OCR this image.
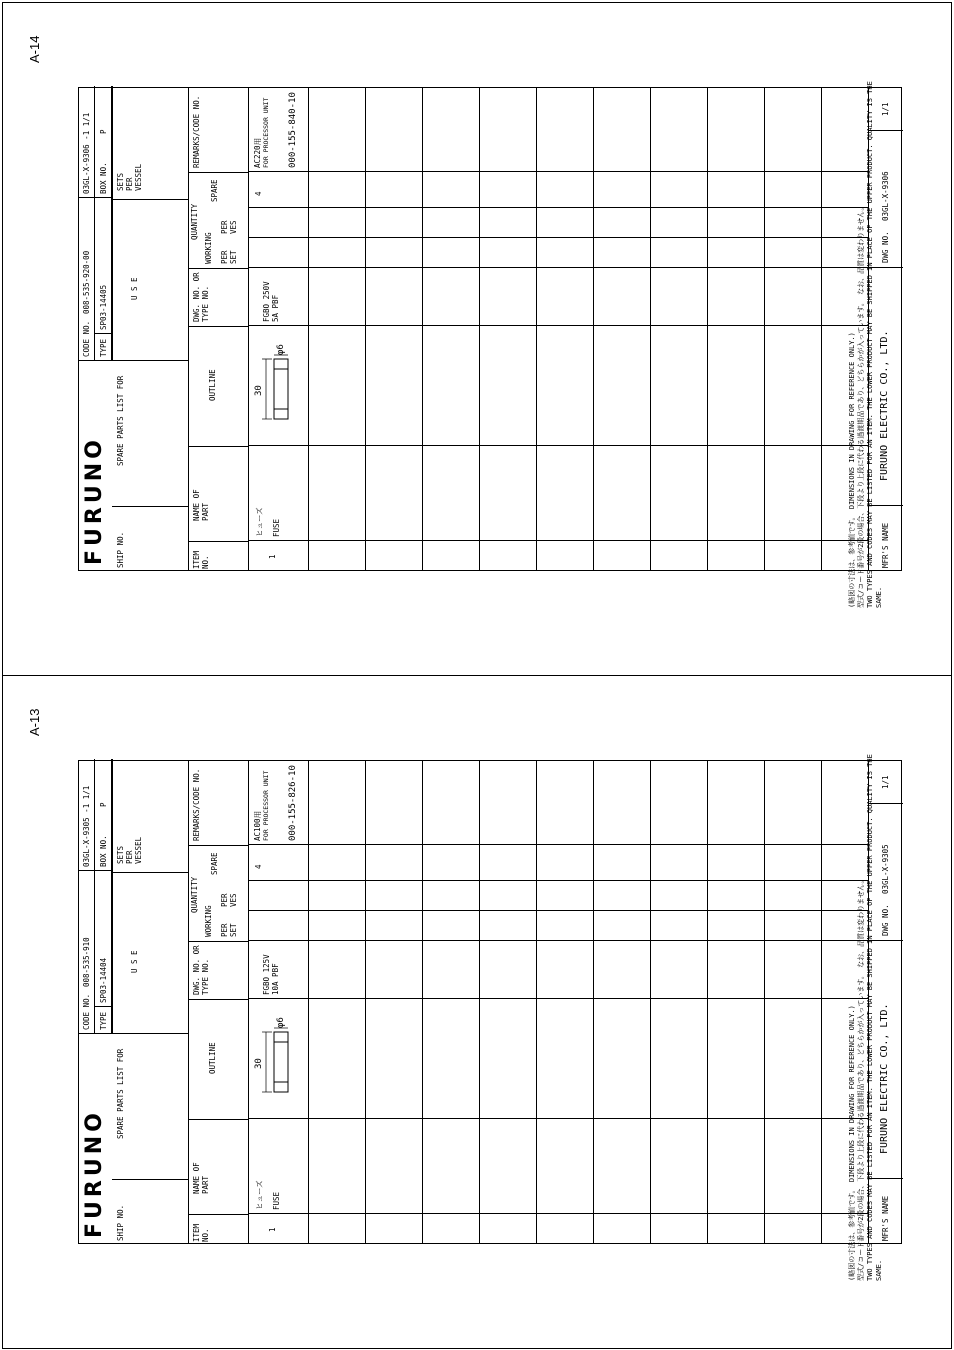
A-14
FURUNO
CODE NO.
008-535-920-00
03GL-X-9306 -1 1/1
TYPE
SP03-14405
BOX NO.
P
SHIP NO.
SPARE PARTS LIST FOR
U S E
SETS PER VESSEL
ITEM NO.
NAME OF PART
OUTLINE
DWG. NO. OR TYPE NO.
QUANTITY
WORKING PER SET
PER VES
SPARE
REMARKS/CODE NO.
1
ヒューズ FUSE
30
φ6
FGBO 250V 5A PBF
4
AC220用 FOR PROCESSOR UNIT 000-155-840-10
MFR'S NAME
FURUNO ELECTRIC CO., LTD.
DWG NO.
03GL-X-9306
1/1
(略図の寸法は、参考値です。 DIMENSIONS IN DRAWING FOR REFERENCE ONLY.) 型式/コード番号が2段の場合、下段より上段に代わる過渡期品であり、どちらかが入っています。 なお、品質は変わりません。 TWO TYPES AND CODES MAY BE LISTED FOR AN ITEM. THE LOWER PRODUCT MAY BE SHIPPED IN PLACE OF THE UPPER PRODUCT. QUALITY IS THE SAME.
A-13
FURUNO
CODE NO.
008-535-910
03GL-X-9305 -1 1/1
TYPE
SP03-14404
BOX NO.
P
SHIP NO.
SPARE PARTS LIST FOR
U S E
SETS PER VESSEL
ITEM NO.
NAME OF PART
OUTLINE
DWG. NO. OR TYPE NO.
QUANTITY
WORKING PER SET
PER VES
SPARE
REMARKS/CODE NO.
1
ヒューズ FUSE
30
φ6
FGBO 125V 10A PBF
4
AC100用 FOR PROCESSOR UNIT 000-155-826-10
MFR'S NAME
FURUNO ELECTRIC CO., LTD.
DWG NO.
03GL-X-9305
1/1
(略図の寸法は、参考値です。 DIMENSIONS IN DRAWING FOR REFERENCE ONLY.) 型式/コード番号が2段の場合、下段より上段に代わる過渡期品であり、どちらかが入っています。 なお、品質は変わりません。 TWO TYPES AND CODES MAY BE LISTED FOR AN ITEM. THE LOWER PRODUCT MAY BE SHIPPED IN PLACE OF THE UPPER PRODUCT. QUALITY IS THE SAME.
